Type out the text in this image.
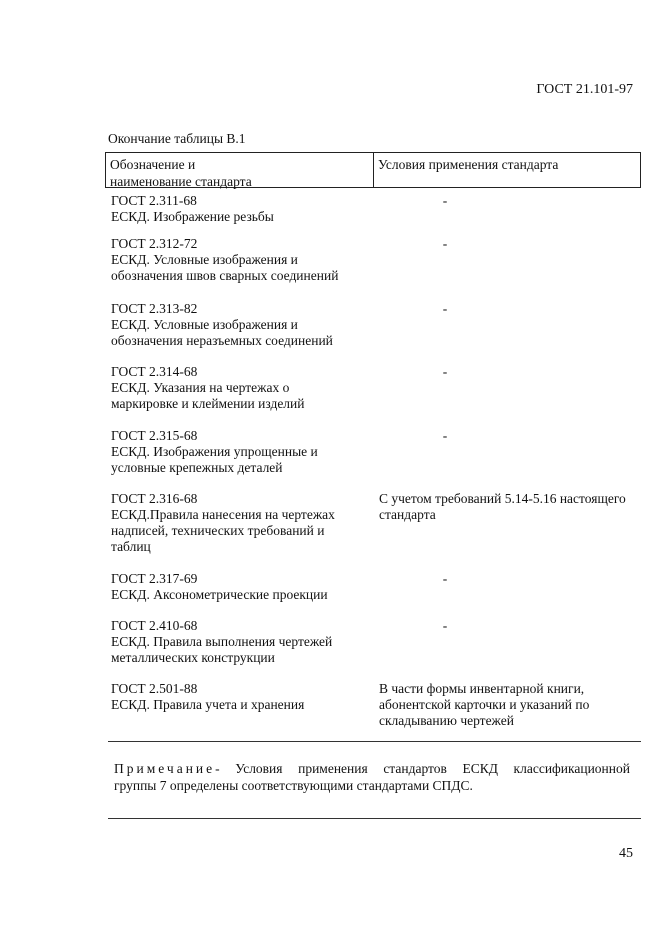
ГОСТ 21.101-97
Окончание таблицы В.1
Обозначение и
наименование стандарта
Условия применения стандарта
ГОСТ 2.311-68
ЕСКД. Изображение резьбы
-
ГОСТ 2.312-72
ЕСКД. Условные изображения и
обозначения швов сварных соединений
-
ГОСТ 2.313-82
ЕСКД. Условные изображения и
обозначения неразъемных соединений
-
ГОСТ 2.314-68
ЕСКД. Указания на чертежах о
маркировке и клеймении изделий
-
ГОСТ 2.315-68
ЕСКД. Изображения упрощенные и
условные крепежных деталей
-
ГОСТ 2.316-68
ЕСКД.Правила нанесения на чертежах
надписей, технических требований и
таблиц
С учетом требований 5.14-5.16 настоящего
стандарта
ГОСТ 2.317-69
ЕСКД. Аксонометрические проекции
-
ГОСТ 2.410-68
ЕСКД. Правила выполнения чертежей
металлических конструкции
-
ГОСТ 2.501-88
ЕСКД. Правила учета и хранения
В части формы инвентарной книги,
абонентской карточки и указаний по
складыванию чертежей
Примечание- Условия применения стандартов ЕСКД классификационной
группы 7 определены соответствующими стандартами СПДС.
45
